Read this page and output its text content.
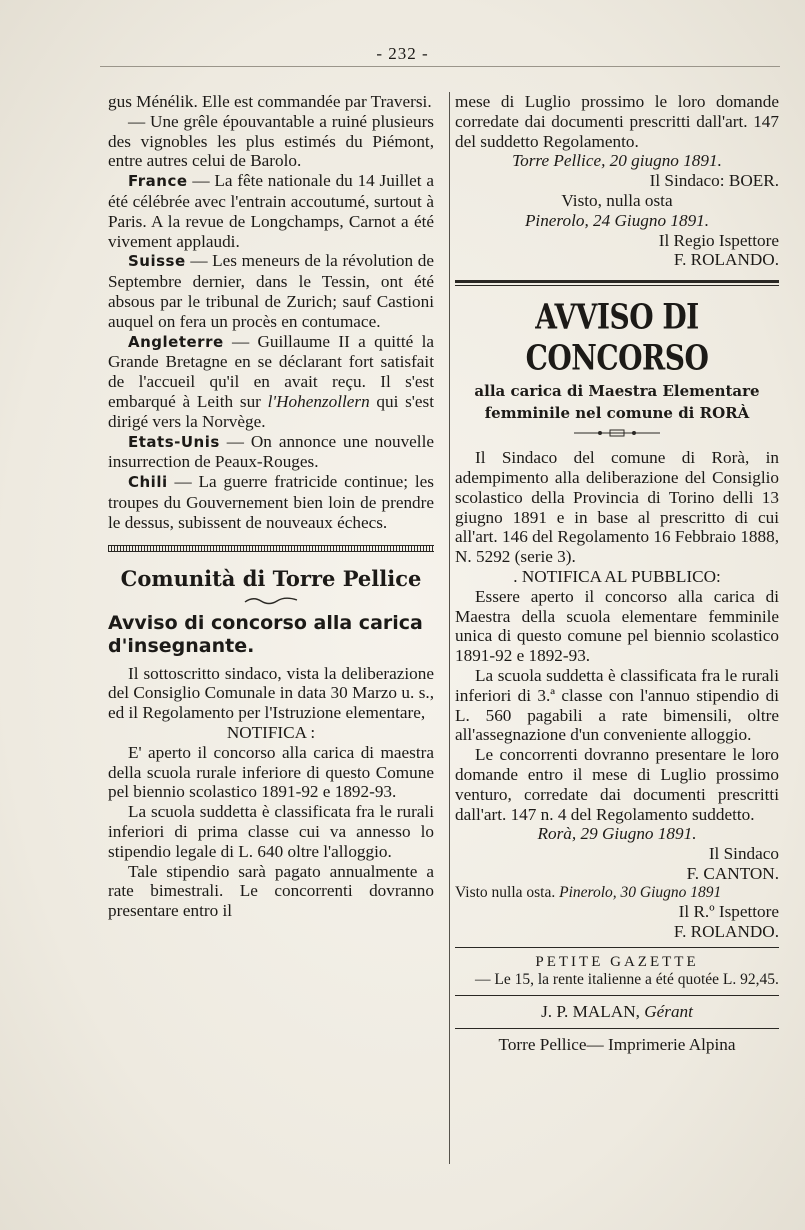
- 232 -

gus Ménélik. Elle est commandée par Traversi.

— Une grêle épouvantable a ruiné plusieurs des vignobles les plus estimés du Piémont, entre autres celui de Barolo.

France — La fête nationale du 14 Juillet a été célébrée avec l'entrain accoutumé, surtout à Paris. A la revue de Longchamps, Carnot a été vivement applaudi.

Suisse — Les meneurs de la révolution de Septembre dernier, dans le Tessin, ont été absous par le tribunal de Zurich; sauf Castioni auquel on fera un procès en contumace.

Angleterre — Guillaume II a quitté la Grande Bretagne en se déclarant fort satisfait de l'accueil qu'il en avait reçu. Il s'est embarqué à Leith sur l'Hohenzollern qui s'est dirigé vers la Norvège.

Etats-Unis — On annonce une nouvelle insurrection de Peaux-Rouges.

Chili — La guerre fratricide continue; les troupes du Gouvernement bien loin de prendre le dessus, subissent de nouveaux échecs.

Comunità di Torre Pellice
Avviso di concorso alla carica d'insegnante.

Il sottoscritto sindaco, vista la deliberazione del Consiglio Comunale in data 30 Marzo u. s., ed il Regolamento per l'Istruzione elementare,

NOTIFICA :

E' aperto il concorso alla carica di maestra della scuola rurale inferiore di questo Comune pel biennio scolastico 1891-92 e 1892-93.

La scuola suddetta è classificata fra le rurali inferiori di prima classe cui va annesso lo stipendio legale di L. 640 oltre l'alloggio.

Tale stipendio sarà pagato annualmente a rate bimestrali. Le concorrenti dovranno presentare entro il

mese di Luglio prossimo le loro domande corredate dai documenti prescritti dall'art. 147 del suddetto Regolamento.

Torre Pellice, 20 giugno 1891.

Il Sindaco: BOER.

Visto, nulla osta

Pinerolo, 24 Giugno 1891.

Il Regio Ispettore

F. ROLANDO.

AVVISO DI CONCORSO
alla carica di Maestra Elementare
femminile nel comune di RORÀ

Il Sindaco del comune di Rorà, in adempimento alla deliberazione del Consiglio scolastico della Provincia di Torino delli 13 giugno 1891 e in base al prescritto di cui all'art. 146 del Regolamento 16 Febbraio 1888, N. 5292 (serie 3).

. NOTIFICA AL PUBBLICO:

Essere aperto il concorso alla carica di Maestra della scuola elementare femminile unica di questo comune pel biennio scolastico 1891-92 e 1892-93.

La scuola suddetta è classificata fra le rurali inferiori di 3.ª classe con l'annuo stipendio di L. 560 pagabili a rate bimensili, oltre all'assegnazione d'un conveniente alloggio.

Le concorrenti dovranno presentare le loro domande entro il mese di Luglio prossimo venturo, corredate dai documenti prescritti dall'art. 147 n. 4 del Regolamento suddetto.

Rorà, 29 Giugno 1891.

Il Sindaco

F. CANTON.

Visto nulla osta. Pinerolo, 30 Giugno 1891

Il R.º Ispettore

F. ROLANDO.

PETITE GAZETTE

— Le 15, la rente italienne a été quotée L. 92,45.

J. P. MALAN, Gérant

Torre Pellice— Imprimerie Alpina
